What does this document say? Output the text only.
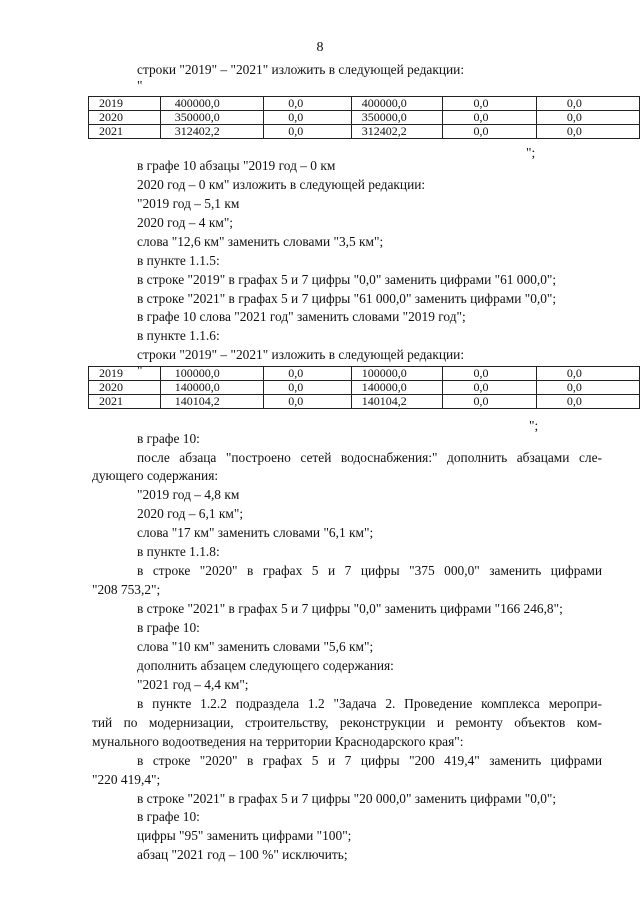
8
строки "2019" – "2021" изложить в следующей редакции:
"
2019	400000,0	0,0	400000,0	0,0	0,0
2020	350000,0	0,0	350000,0	0,0	0,0
2021	312402,2	0,0	312402,2	0,0	0,0
";
в графе 10 абзацы "2019 год – 0 км
2020 год – 0 км" изложить в следующей редакции:
"2019 год – 5,1 км
2020 год – 4 км";
слова "12,6 км" заменить словами "3,5 км";
в пункте 1.1.5:
в строке "2019" в графах 5 и 7 цифры "0,0" заменить цифрами "61 000,0";
в строке "2021" в графах 5 и 7 цифры "61 000,0" заменить цифрами "0,0";
в графе 10 слова "2021 год" заменить словами "2019 год";
в пункте 1.1.6:
строки "2019" – "2021" изложить в следующей редакции:
"
2019	100000,0	0,0	100000,0	0,0	0,0
2020	140000,0	0,0	140000,0	0,0	0,0
2021	140104,2	0,0	140104,2	0,0	0,0
";
в графе 10:
после абзаца "построено сетей водоснабжения:" дополнить абзацами сле-
дующего содержания:
"2019 год – 4,8 км
2020 год – 6,1 км";
слова "17 км" заменить словами "6,1 км";
в пункте 1.1.8:
в строке "2020" в графах 5 и 7 цифры "375 000,0" заменить цифрами
"208 753,2";
в строке "2021" в графах 5 и 7 цифры "0,0" заменить цифрами "166 246,8";
в графе 10:
слова "10 км" заменить словами "5,6 км";
дополнить абзацем следующего содержания:
"2021 год – 4,4 км";
в пункте 1.2.2 подраздела 1.2 "Задача 2. Проведение комплекса меропри-
тий по модернизации, строительству, реконструкции и ремонту объектов ком-
мунального водоотведения на территории Краснодарского края":
в строке "2020" в графах 5 и 7 цифры "200 419,4" заменить цифрами
"220 419,4";
в строке "2021" в графах 5 и 7 цифры "20 000,0" заменить цифрами "0,0";
в графе 10:
цифры "95" заменить цифрами "100";
абзац "2021 год – 100 %" исключить;
